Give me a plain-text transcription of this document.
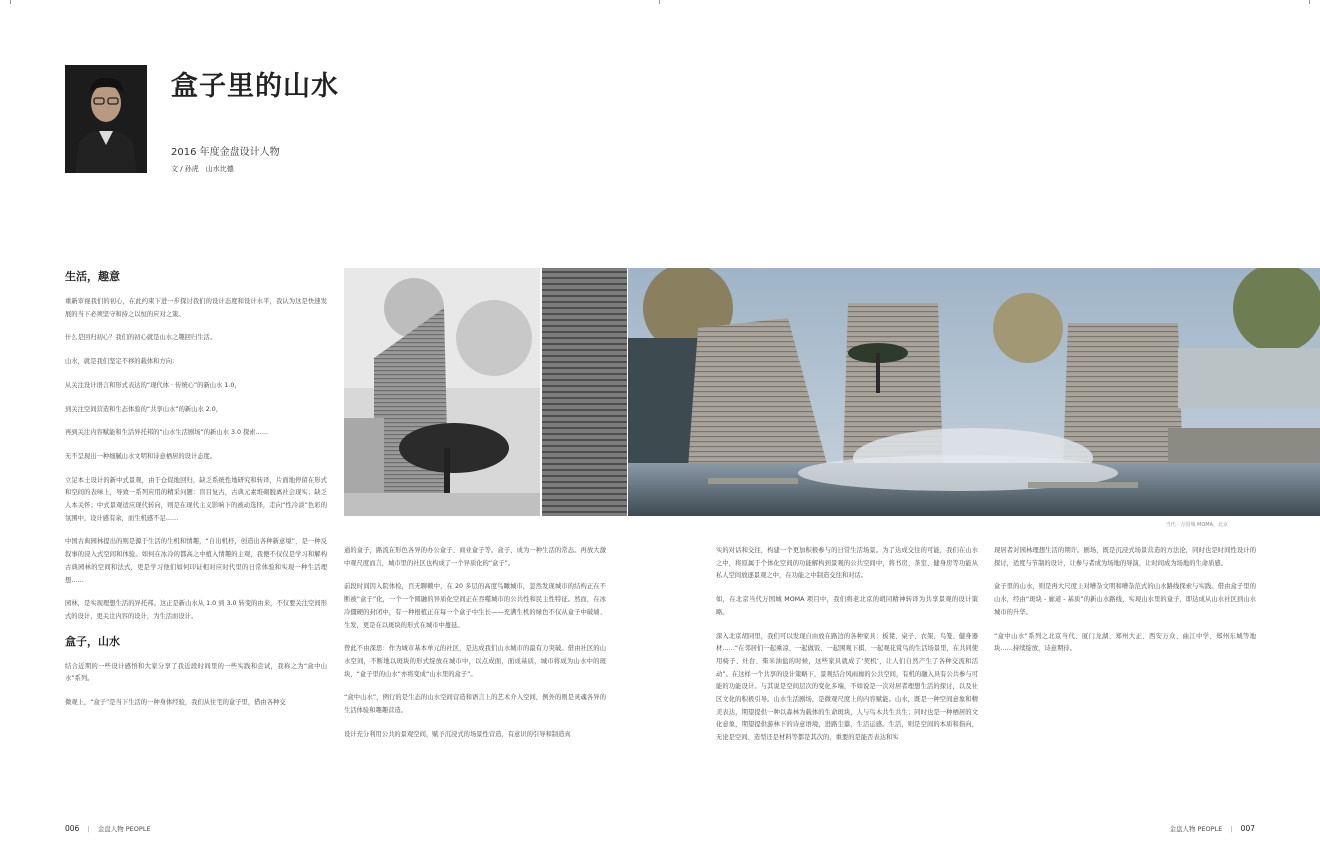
盒子里的山水
2016 年度金盘设计人物
文 / 孙虎　山水比德
生活，趣意

重新审视我们的初心，在此约束下进一步探讨我们的设计态度和设计水平，我认为这是快速发展的当下必须坚守和持之以恒的应对之策。

什么是回归初心？我们的初心就是山水之趣回归生活。

山水，就是我们坚定不移的载体和方向：

从关注设计语言和形式表达的“现代体 · 传统心”的新山水 1.0，

到关注空间营造和生态体验的“共享山水”的新山水 2.0，

再到关注内容赋能和生活异托邦的“山水生活剧场”的新山水 3.0 探索……

无不呈现出一种细腻山水文明和诗意栖居的设计态度。

立足本土设计的新中式景观，由于仓促地回归，缺乏系统性地研究和转译，片面地停留在形式和空间的表味上，导致一系列应用的精采问题：盲目复古，古典元素堆砌脱离社会现实；缺乏人本关怀；中式景观适应现代转向，则是在现代主义影响下的被动选择，走向“性冷淡”色彩的氛围中，设计感有余，而生机感不足……

中国古典园林提出的则是源于生活的生机和情趣，“自出机杼，创造出各种新意境”，是一种反叙事的浸入式空间和体验。如何在冰冷的都高之中植入情趣的主观，我便不仅仅是学习和解构古典园林的空间和法式，更是学习他们如何印证相对应时代里的日常体验和实现一种生活理想……

园林，是实现理想生活的异托邦。这正是新山水从 1.0 到 3.0 转变的由来，不仅要关注空间形式的设计，更关注内容的设计，为生活而设计。

盒子，山水

结合近期的一些设计感悟和大家分享了我近段时间里的一些实践和尝试，我称之为“盒中山水”系列。

微观上，“盒子”是当下生活的一种身体经验，我们从住宅的盒子里，借由各种交

当代 · 万国城 MOMA，北京

通的盒子，路流在形色各异的办公盒子、商业盒子等。盒子，成为一种生活的常态。再放大激中观尺度而言，城市里的社区也构成了一个异质化的“盒子”。

前段时间因入院体检，百无聊赖中，在 20 多层的高度鸟瞰城市，忽然发现城市的结构正在不断被“盒子”化，一个一个圆融的异质化空间正在吞噬城市的公共性和民主性特征。然而，在冰冷僵硬的封闭中，有一种根植正在每一个盒子中生长——充满生机的绿色不仅从盒子中破墙、生发，更是在以斑块的形式在城市中蔓延。

曾此不由深思：作为城市基本单元的社区，是达成我们山水城市的最有力突破。借由社区的山水空间，不断地以斑块的形式绽放在城市中，以点成面，面成基质，城市将成为山水中的斑块，“盒子里的山水”亦将变成“山水里的盒子”。

“盒中山水”，例行的是生态的山水空间营造和语言上的艺术介入空间，例外的则是灵魂各异的生活体验和趣趣营造。

设计充分利用公共的景观空间，赋予沉浸式的场景性营造，有意识的引导和制造真

实的对话和交往，构建一个更加积极参与的日常生活场景。为了达成交往的可能，我们在山水之中，将原属于个体化空间的功能解构到景观的公共空间中，将书房、茶室、健身房等功能从私人空间放逐景观之中，在功能之中制造交往和对话。

如，在北京当代万国城 MOMA 项目中，我们将老北京的胡同精神转译为共享景观的设计策略。

深入北京胡同里，我们可以发现自由放在路边的各种家具：板凳、桌子、衣架、鸟笼、健身器材……“在邻居们一起乘凉、一起做饭、一起围观下棋、一起观花赏鸟的生活场景里，在共同使用椅子、灶台、柴米油盐的时候，这些家具就成了‘契机’，让人们自然产生了各种交流和活动”。在这样一个共享的设计策略下，景观结合风雨廊的公共空间，有机的融入具有公共参与可能的功能设计。与其说是空间层次的变化多端，不如说是一次对居者理想生活的探讨，以及社区文化的积极引导。山水生活剧场，是微观尺度上的内容赋能。山水，既是一种空间意象和精美表达，期望提供一种以森林为载体的生命斑块，人与鸟木共生共生；同时也是一种栖居的文化意象，期望提供游林下的诗意语境，进路尘嚣，生活运感。生活，则是空间的本质和指向，无论是空间、造型还是材料等都是其次的，重要的是能否表达和实

现居者对园林理想生活的期许。剧场，既是沉浸式场景营造的方法论，同时也是时间性设计的探讨，适度与节制的设计，让参与者成为场地的导演，让时间成为场地的生命质感。

盒子里的山水，则是再大尺度上对嘈杂文明和嘈杂范式的山水路线探索与实践。借由盒子里的山水，经由“斑块 - 廊道 - 基质”的新山水路线，实现山水里的盒子，即达成从山水社区到山水城市的升华。

“盒中山水”系列之北京当代、厦门龙湖、郑州大正、西安万众、曲江中学、郑州东城等地块……持续绽放，诗意期待。

006 | 金盘人物 PEOPLE	金盘人物 PEOPLE | 007
